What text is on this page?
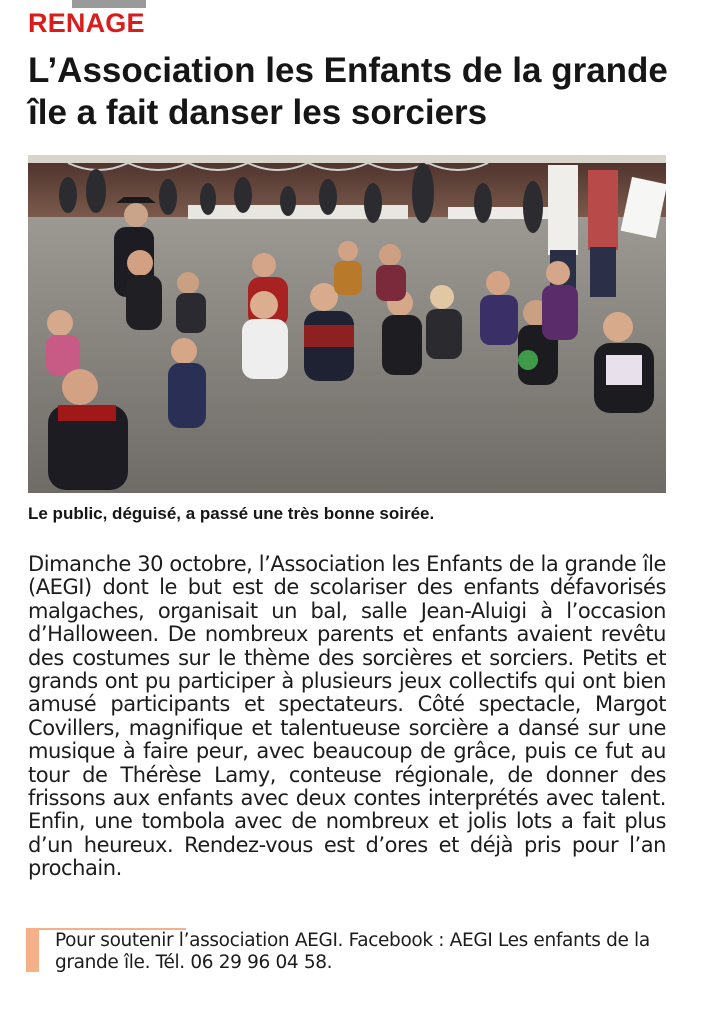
RENAGE
L’Association les Enfants de la grande île a fait danser les sorciers
Le public, déguisé, a passé une très bonne soirée.

Dimanche 30 octobre, l’Association les Enfants de la grande île (AEGI) dont le but est de scolariser des enfants défavorisés malgaches, organisait un bal, salle Jean-Aluigi à l’occasion d’Halloween. De nombreux parents et enfants avaient revêtu des costumes sur le thème des sorcières et sorciers. Petits et grands ont pu participer à plusieurs jeux collectifs qui ont bien amusé participants et spectateurs. Côté spectacle, Margot Covillers, magnifique et talentueuse sorcière a dansé sur une musique à faire peur, avec beaucoup de grâce, puis ce fut au tour de Thérèse Lamy, conteuse régionale, de donner des frissons aux enfants avec deux contes interprétés avec talent. Enfin, une tombola avec de nombreux et jolis lots a fait plus d’un heureux. Rendez-vous est d’ores et déjà pris pour l’an prochain.

Pour soutenir l’association AEGI. Facebook : AEGI Les enfants de la grande île. Tél. 06 29 96 04 58.
